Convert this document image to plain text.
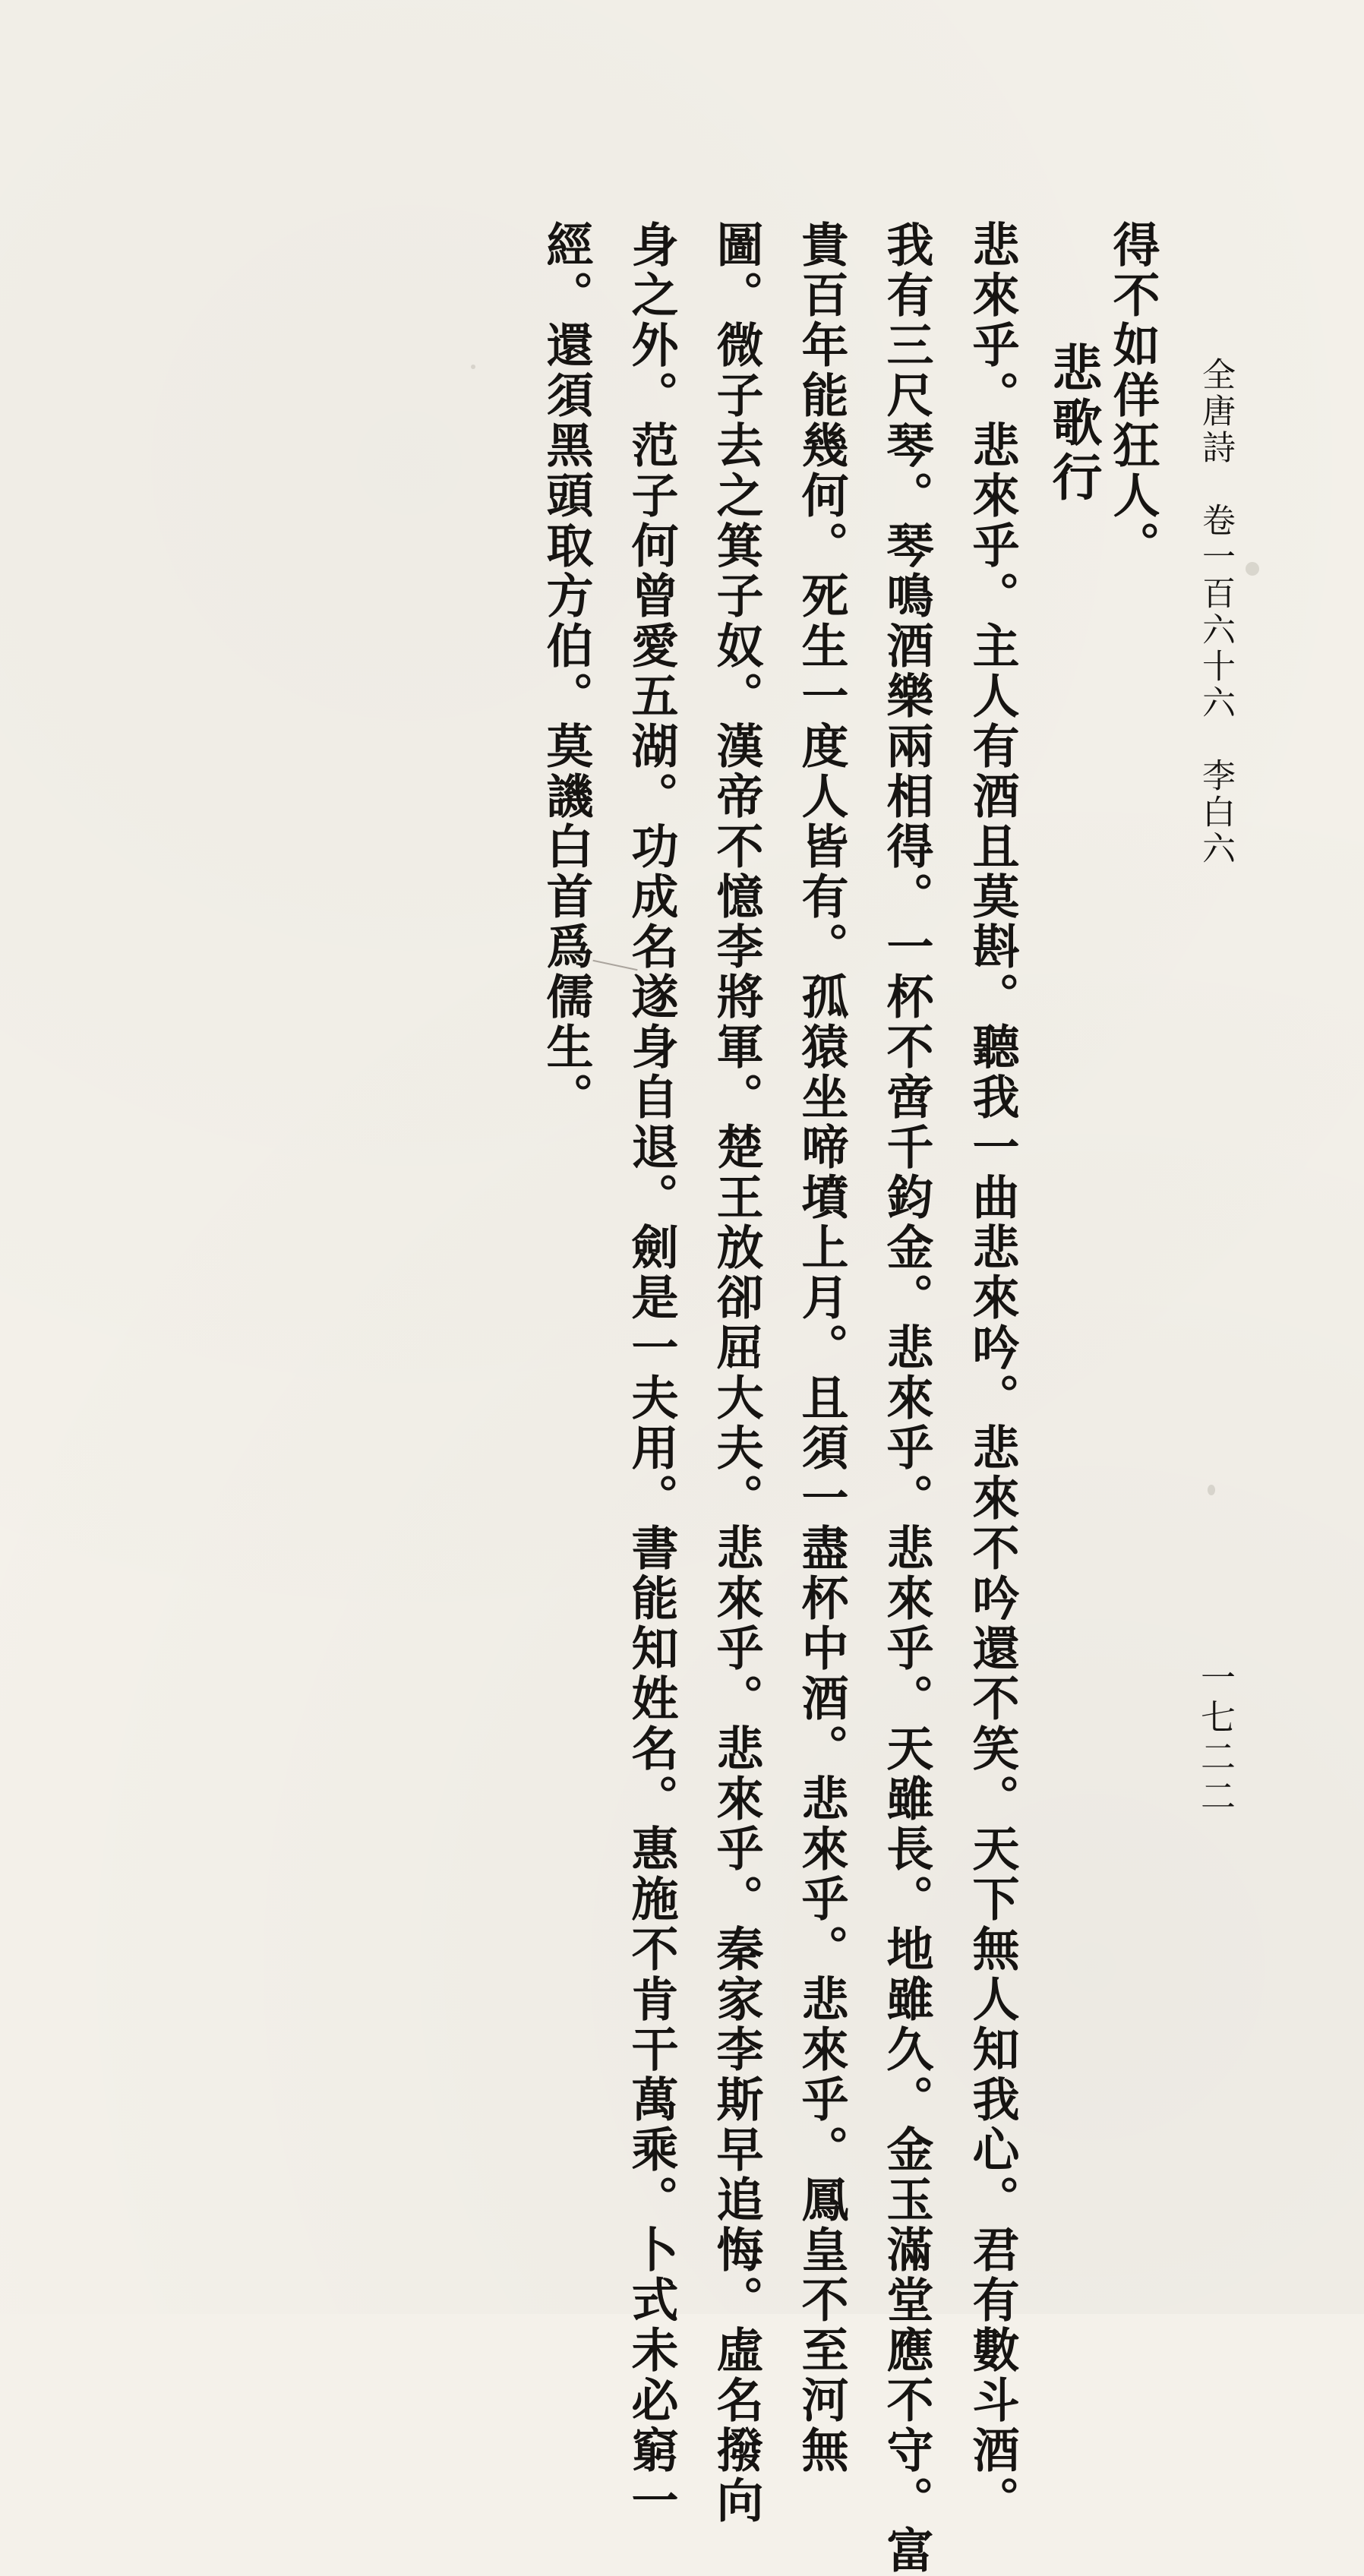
全唐詩　卷一百六十六　李白六
一七二二
得不如佯狂人。
悲歌行
悲來乎。悲來乎。主人有酒且莫斟。聽我一曲悲來吟。悲來不吟還不笑。天下無人知我心。君有數斗酒。
我有三尺琴。琴鳴酒樂兩相得。一杯不啻千鈞金。悲來乎。悲來乎。天雖長。地雖久。金玉滿堂應不守。富
貴百年能幾何。死生一度人皆有。孤猿坐啼墳上月。且須一盡杯中酒。悲來乎。悲來乎。鳳皇不至河無
圖。微子去之箕子奴。漢帝不憶李將軍。楚王放卻屈大夫。悲來乎。悲來乎。秦家李斯早追悔。虛名撥向
身之外。范子何曾愛五湖。功成名遂身自退。劍是一夫用。書能知姓名。惠施不肯干萬乘。卜式未必窮一
經。還須黑頭取方伯。莫譏白首爲儒生。
